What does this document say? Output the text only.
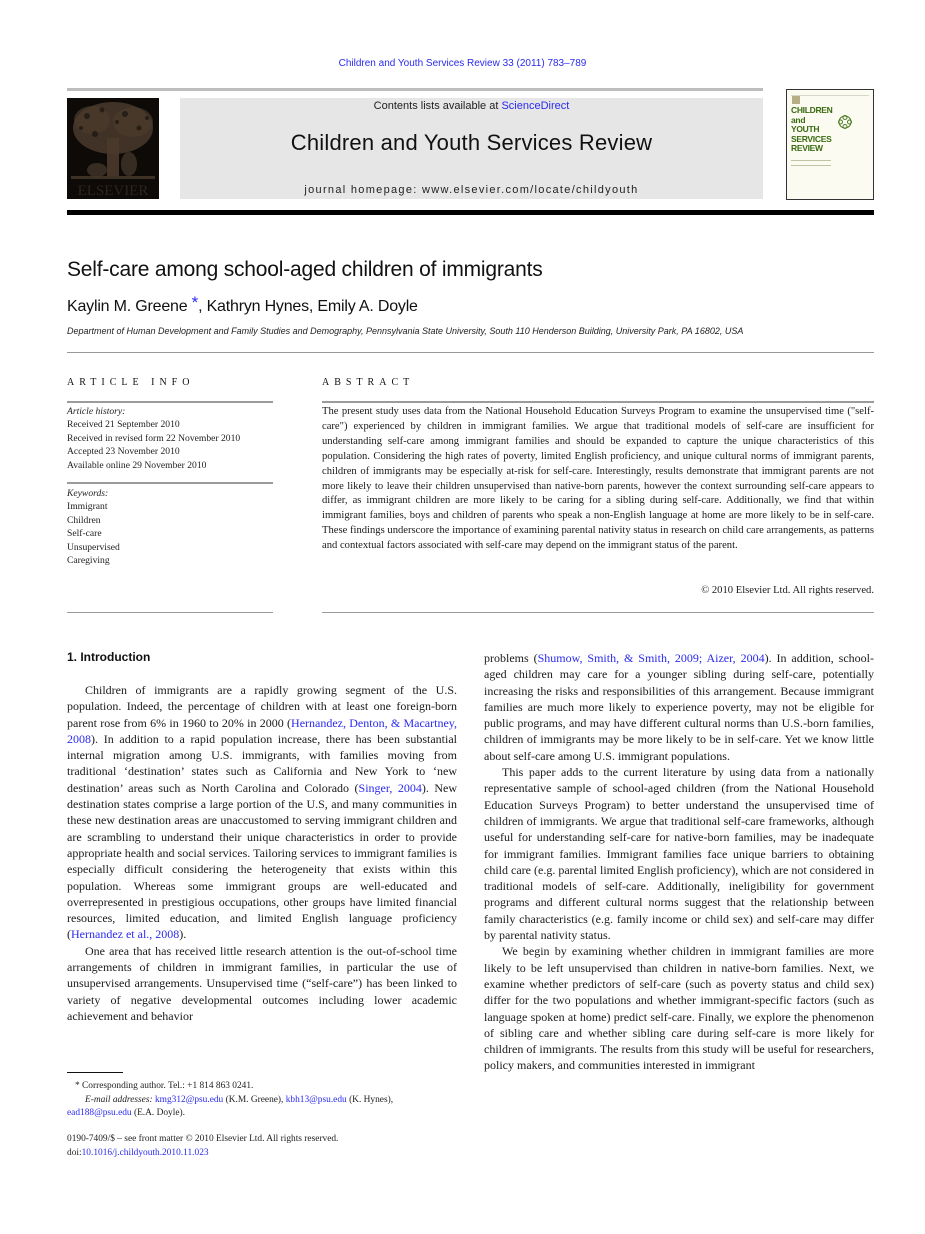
Children and Youth Services Review 33 (2011) 783–789
ELSEVIER
Contents lists available at ScienceDirect
Children and Youth Services Review
journal homepage: www.elsevier.com/locate/childyouth
CHILDREN
and
YOUTH
SERVICES
REVIEW
Self-care among school-aged children of immigrants
Kaylin M. Greene *, Kathryn Hynes, Emily A. Doyle
Department of Human Development and Family Studies and Demography, Pennsylvania State University, South 110 Henderson Building, University Park, PA 16802, USA
ARTICLE INFO
Article history:
Received 21 September 2010
Received in revised form 22 November 2010
Accepted 23 November 2010
Available online 29 November 2010
Keywords:
Immigrant
Children
Self-care
Unsupervised
Caregiving
ABSTRACT

The present study uses data from the National Household Education Surveys Program to examine the unsupervised time ("self-care") experienced by children in immigrant families. We argue that traditional models of self-care are insufficient for understanding self-care among immigrant families and should be expanded to capture the unique characteristics of this population. Considering the high rates of poverty, limited English proficiency, and unique cultural norms of immigrant parents, children of immigrants may be especially at-risk for self-care. Interestingly, results demonstrate that immigrant parents are not more likely to leave their children unsupervised than native-born parents, however the context surrounding self-care appears to differ, as immigrant children are more likely to be caring for a sibling during self-care. Additionally, we find that within immigrant families, boys and children of parents who speak a non-English language at home are more likely to be in self-care. These findings underscore the importance of examining parental nativity status in research on child care arrangements, as patterns and contextual factors associated with self-care may depend on the immigrant status of the parent.

© 2010 Elsevier Ltd. All rights reserved.
1. Introduction

Children of immigrants are a rapidly growing segment of the U.S. population. Indeed, the percentage of children with at least one foreign-born parent rose from 6% in 1960 to 20% in 2000 (Hernandez, Denton, & Macartney, 2008). In addition to a rapid population increase, there has been substantial internal migration among U.S. immigrants, with families moving from traditional ‘destination’ states such as California and New York to ‘new destination’ areas such as North Carolina and Colorado (Singer, 2004). New destination states comprise a large portion of the U.S, and many communities in these new destination areas are unaccustomed to serving immigrant children and are scrambling to understand their unique characteristics in order to provide appropriate health and social services. Tailoring services to immigrant families is especially difficult considering the heterogeneity that exists within this population. Whereas some immigrant groups are well-educated and overrepresented in prestigious occupations, other groups have limited financial resources, limited education, and limited English language proficiency (Hernandez et al., 2008).

One area that has received little research attention is the out-of-school time arrangements of children in immigrant families, in particular the use of unsupervised arrangements. Unsupervised time (“self-care”) has been linked to variety of negative developmental outcomes including lower academic achievement and behavior

problems (Shumow, Smith, & Smith, 2009; Aizer, 2004). In addition, school-aged children may care for a younger sibling during self-care, potentially increasing the risks and responsibilities of this arrangement. Because immigrant families are much more likely to experience poverty, may not be eligible for public programs, and may have different cultural norms than U.S.-born families, children of immigrants may be more likely to be in self-care. Yet we know little about self-care among U.S. immigrant populations.

This paper adds to the current literature by using data from a nationally representative sample of school-aged children (from the National Household Education Surveys Program) to better understand the unsupervised time of children of immigrants. We argue that traditional self-care frameworks, although useful for understanding self-care for native-born families, may be inadequate for immigrant families. Immigrant families face unique barriers to obtaining child care (e.g. parental limited English proficiency), which are not considered in traditional models of self-care. Additionally, ineligibility for government programs and different cultural norms suggest that the relationship between family characteristics (e.g. family income or child sex) and self-care may differ by parental nativity status.

We begin by examining whether children in immigrant families are more likely to be left unsupervised than children in native-born families. Next, we examine whether predictors of self-care (such as poverty status and child sex) differ for the two populations and whether immigrant-specific factors (such as language spoken at home) predict self-care. Finally, we explore the phenomenon of sibling care and whether sibling care during self-care is more likely for children of immigrants. The results from this study will be useful for researchers, policy makers, and communities interested in immigrant

* Corresponding author. Tel.: +1 814 863 0241.
E-mail addresses: kmg312@psu.edu (K.M. Greene), kbh13@psu.edu (K. Hynes),
ead188@psu.edu (E.A. Doyle).
0190-7409/$ – see front matter © 2010 Elsevier Ltd. All rights reserved.
doi:10.1016/j.childyouth.2010.11.023
